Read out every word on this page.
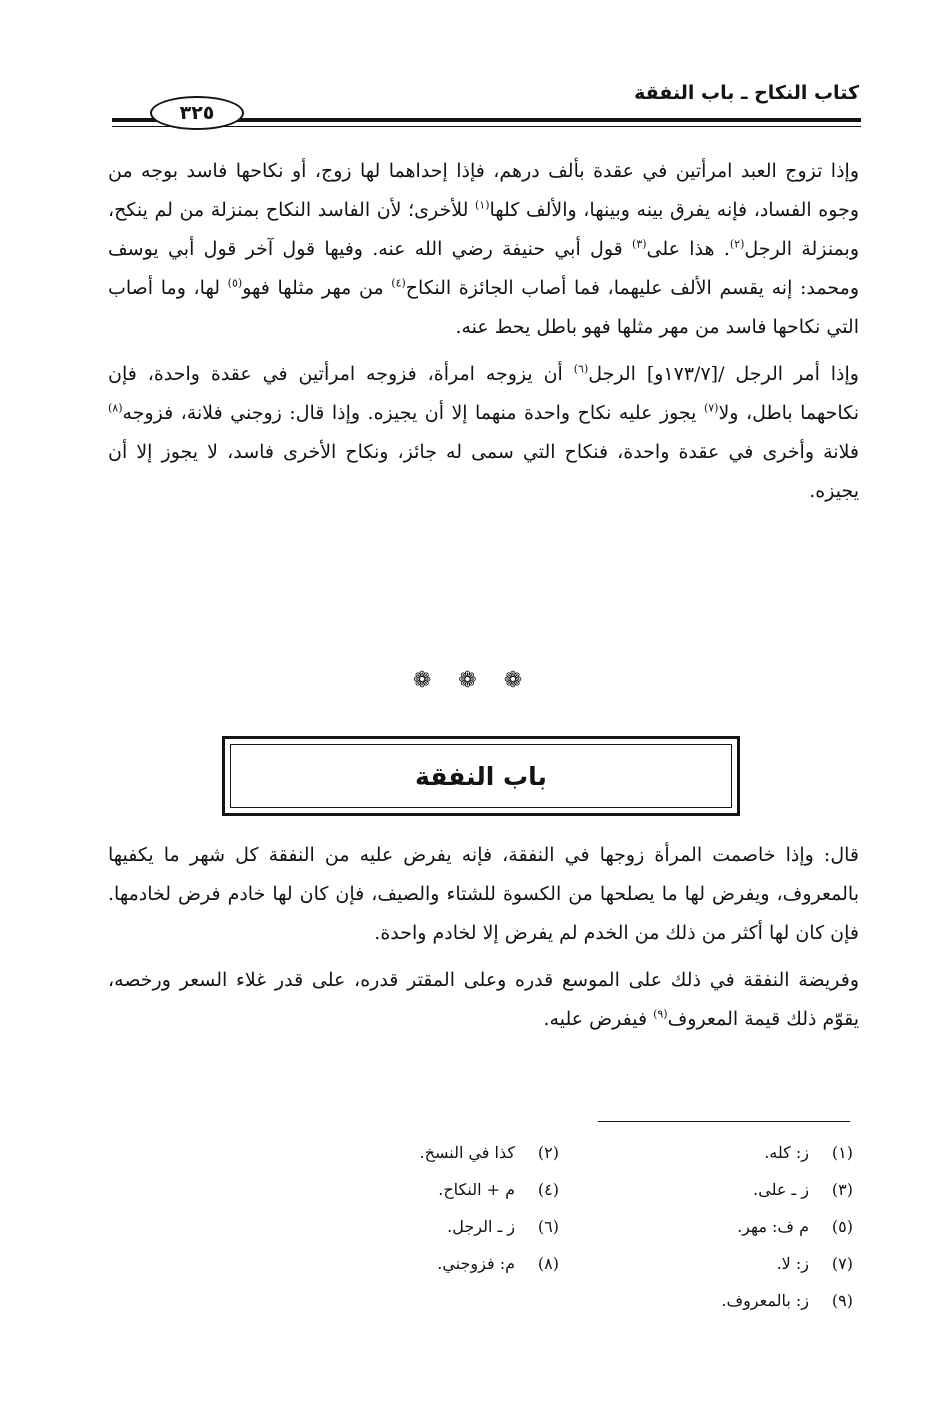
كتاب النكاح ـ باب النفقة
٣٢٥

وإذا تزوج العبد امرأتين في عقدة بألف درهم، فإذا إحداهما لها زوج، أو نكاحها فاسد بوجه من وجوه الفساد، فإنه يفرق بينه وبينها، والألف كلها$^{(١)}$ للأخرى؛ لأن الفاسد النكاح بمنزلة من لم ينكح، وبمنزلة الرجل$^{(٢)}$. هذا على$^{(٣)}$ قول أبي حنيفة رضي الله عنه. وفيها قول آخر قول أبي يوسف ومحمد: إنه يقسم الألف عليهما، فما أصاب الجائزة النكاح$^{(٤)}$ من مهر مثلها فهو$^{(٥)}$ لها، وما أصاب التي نكاحها فاسد من مهر مثلها فهو باطل يحط عنه.

وإذا أمر الرجل /[١٧٣/٧و] الرجل$^{(٦)}$ أن يزوجه امرأة، فزوجه امرأتين في عقدة واحدة، فإن نكاحهما باطل، ولا$^{(٧)}$ يجوز عليه نكاح واحدة منهما إلا أن يجيزه. وإذا قال: زوجني فلانة، فزوجه$^{(٨)}$ فلانة وأخرى في عقدة واحدة، فنكاح التي سمى له جائز، ونكاح الأخرى فاسد، لا يجوز إلا أن يجيزه.

❁ ❁ ❁
باب النفقة

قال: وإذا خاصمت المرأة زوجها في النفقة، فإنه يفرض عليه من النفقة كل شهر ما يكفيها بالمعروف، ويفرض لها ما يصلحها من الكسوة للشتاء والصيف، فإن كان لها خادم فرض لخادمها. فإن كان لها أكثر من ذلك من الخدم لم يفرض إلا لخادم واحدة.

وفريضة النفقة في ذلك على الموسع قدره وعلى المقتر قدره، على قدر غلاء السعر ورخصه، يقوّم ذلك قيمة المعروف$^{(٩)}$ فيفرض عليه.

(١)ز: كله.
(٢)كذا في النسخ.
(٣)ز ـ على.
(٤)م + النكاح.
(٥)م ف: مهر.
(٦)ز ـ الرجل.
(٧)ز: لا.
(٨)م: فزوجني.
(٩)ز: بالمعروف.
